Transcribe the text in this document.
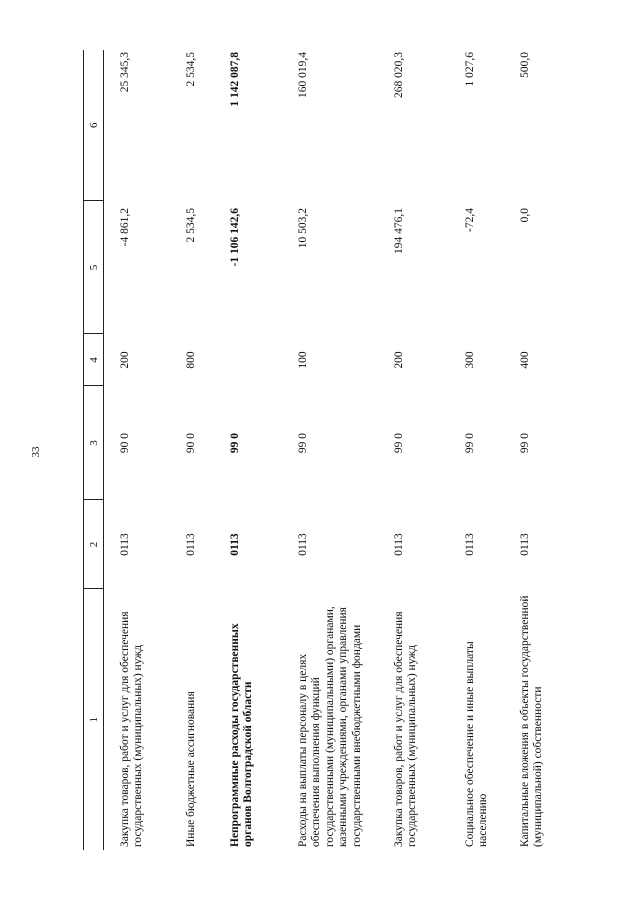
33
1	2	3	4	5	6
Закупка товаров, работ и услуг для обеспечения государственных (муниципальных) нужд	0113	90 0	200	-4 861,2	25 345,3
Иные бюджетные ассигнования	0113	90 0	800	2 534,5	2 534,5
Непрограммные расходы государственных органов Волгоградской области	0113	99 0		-1 106 142,6	1 142 087,8
Расходы на выплаты персоналу в целях обеспечения выполнения функций государственными (муниципальными) органами, казенными учреждениями, органами управления государственными внебюджетными фондами	0113	99 0	100	10 503,2	160 019,4
Закупка товаров, работ и услуг для обеспечения государственных (муниципальных) нужд	0113	99 0	200	194 476,1	268 020,3
Социальное обеспечение и иные выплаты населению	0113	99 0	300	-72,4	1 027,6
Капитальные вложения в объекты государственной (муниципальной) собственности	0113	99 0	400	0,0	500,0
